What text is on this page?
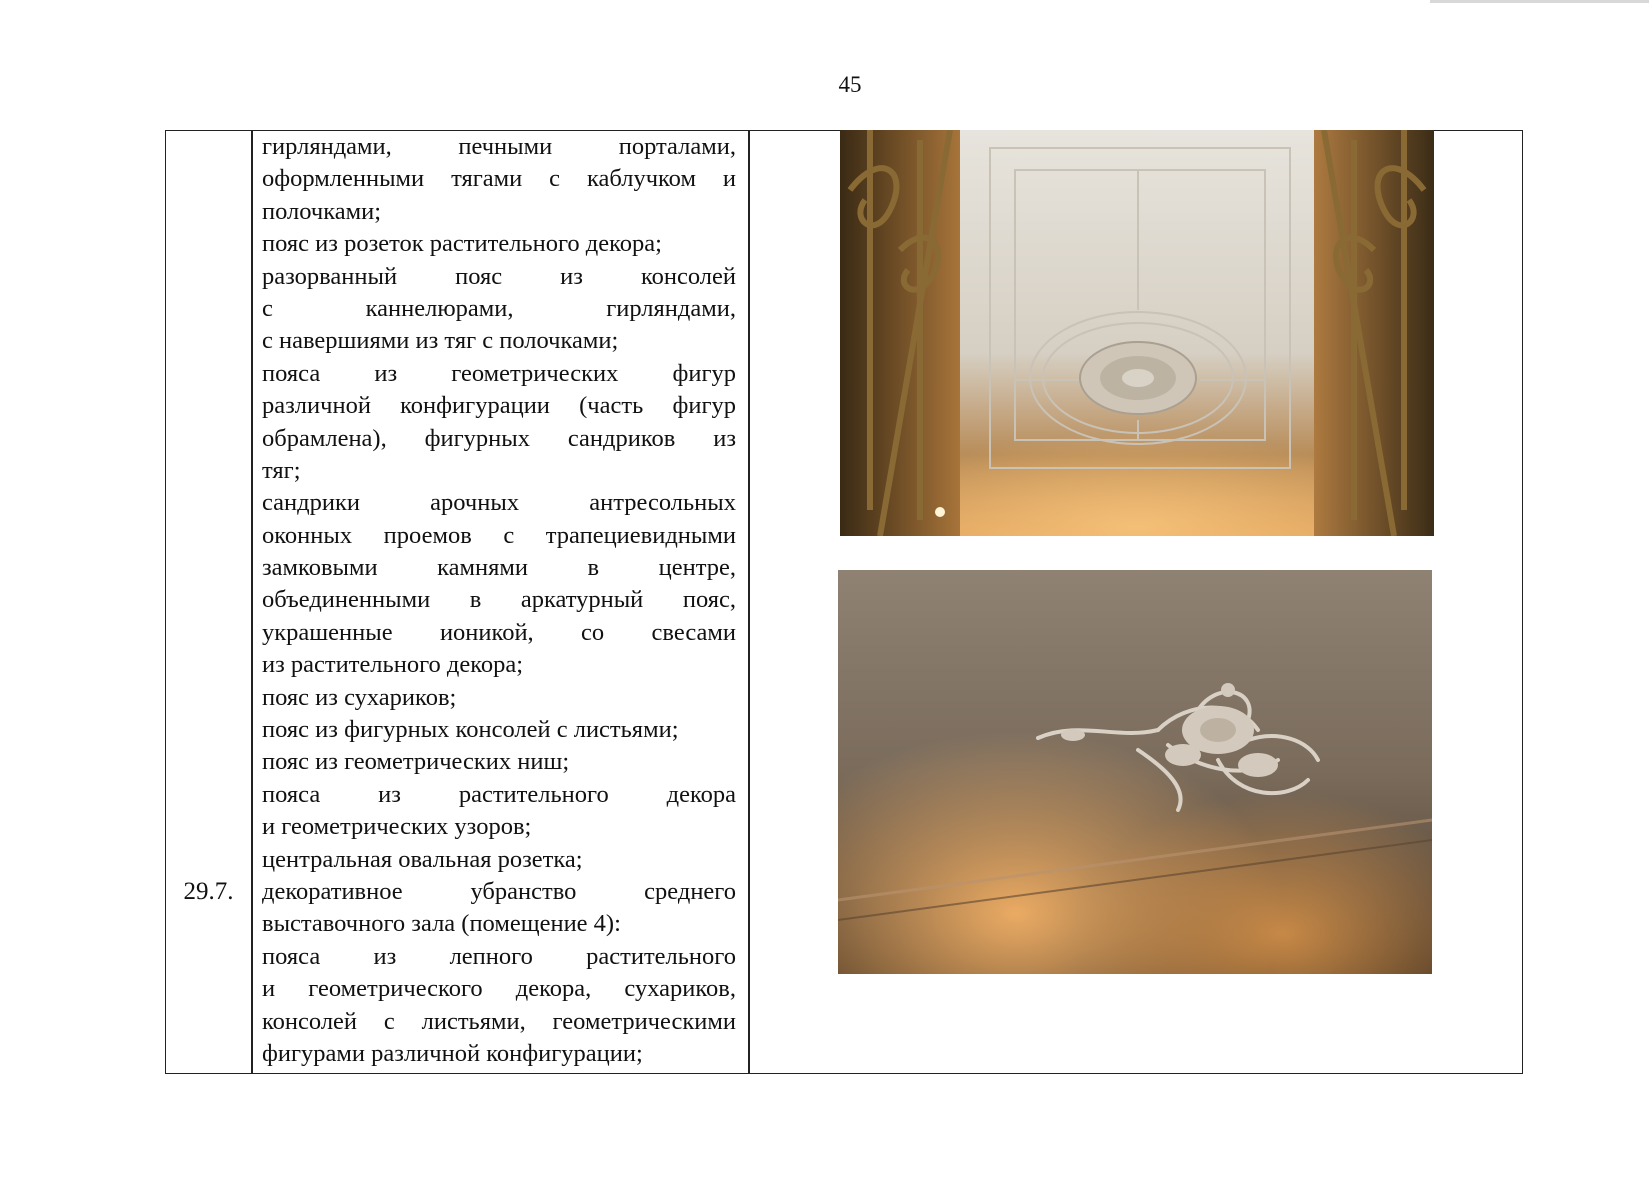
45
29.7.
гирляндами, печными порталами,
оформленными тягами с каблучком и
полочками;
пояс из розеток растительного декора;
разорванный пояс из консолей
с каннелюрами, гирляндами,
с навершиями из тяг с полочками;
пояса из геометрических фигур
различной конфигурации (часть фигур
обрамлена), фигурных сандриков из
тяг;
сандрики арочных антресольных
оконных проемов с трапециевидными
замковыми камнями в центре,
объединенными в аркатурный пояс,
украшенные ионикой, со свесами
из растительного декора;
пояс из сухариков;
пояс из фигурных консолей с листьями;
пояс из геометрических ниш;
пояса из растительного декора
и геометрических узоров;
центральная овальная розетка;
декоративное убранство среднего
выставочного зала (помещение 4):
пояса из лепного растительного
и геометрического декора, сухариков,
консолей с листьями, геометрическими
фигурами различной конфигурации;
